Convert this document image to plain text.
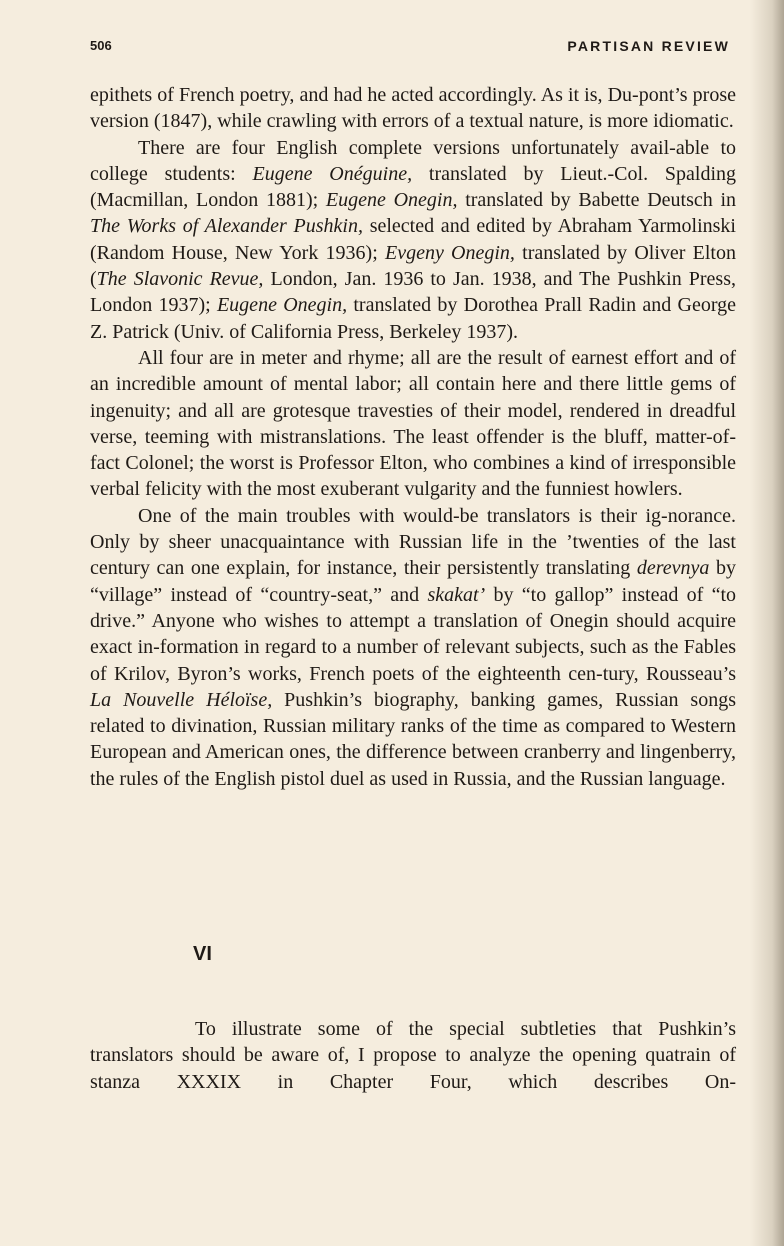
506	PARTISAN REVIEW

epithets of French poetry, and had he acted accordingly. As it is, Du-pont’s prose version (1847), while crawling with errors of a textual nature, is more idiomatic.

There are four English complete versions unfortunately avail-able to college students: Eugene Onéguine, translated by Lieut.-Col. Spalding (Macmillan, London 1881); Eugene Onegin, translated by Babette Deutsch in The Works of Alexander Pushkin, selected and edited by Abraham Yarmolinski (Random House, New York 1936); Evgeny Onegin, translated by Oliver Elton (The Slavonic Revue, London, Jan. 1936 to Jan. 1938, and The Pushkin Press, London 1937); Eugene Onegin, translated by Dorothea Prall Radin and George Z. Patrick (Univ. of California Press, Berkeley 1937).

All four are in meter and rhyme; all are the result of earnest effort and of an incredible amount of mental labor; all contain here and there little gems of ingenuity; and all are grotesque travesties of their model, rendered in dreadful verse, teeming with mistranslations. The least offender is the bluff, matter-of-fact Colonel; the worst is Professor Elton, who combines a kind of irresponsible verbal felicity with the most exuberant vulgarity and the funniest howlers.

One of the main troubles with would-be translators is their ig-norance. Only by sheer unacquaintance with Russian life in the ’twenties of the last century can one explain, for instance, their persistently translating derevnya by “village” instead of “country-seat,” and skakat’ by “to gallop” instead of “to drive.” Anyone who wishes to attempt a translation of Onegin should acquire exact in-formation in regard to a number of relevant subjects, such as the Fables of Krilov, Byron’s works, French poets of the eighteenth cen-tury, Rousseau’s La Nouvelle Héloïse, Pushkin’s biography, banking games, Russian songs related to divination, Russian military ranks of the time as compared to Western European and American ones, the difference between cranberry and lingenberry, the rules of the English pistol duel as used in Russia, and the Russian language.

VI

To illustrate some of the special subtleties that Pushkin’s translators should be aware of, I propose to analyze the opening quatrain of stanza XXXIX in Chapter Four, which describes On-
